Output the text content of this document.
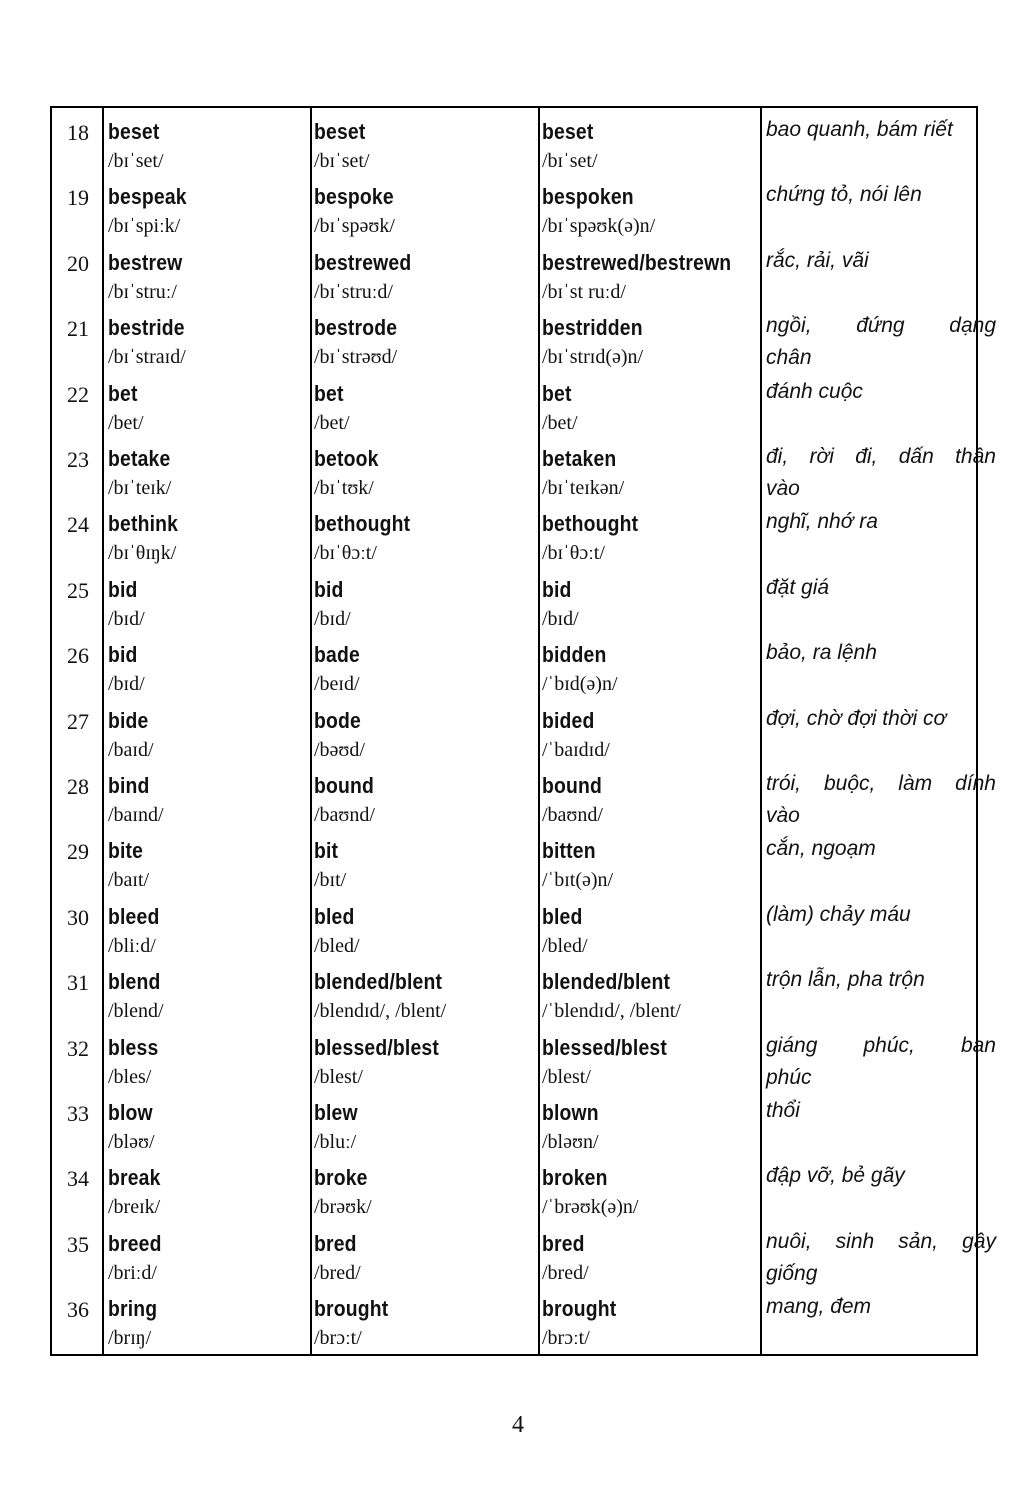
18 beset
/bɪˈset/
beset
/bɪˈset/
beset
/bɪˈset/
bao quanh, bám riết
19 bespeak
/bɪˈspiːk/
bespoke
/bɪˈspəʊk/
bespoken
/bɪˈspəʊk(ə)n/
chứng tỏ, nói lên
20 bestrew
/bɪˈstruː/
bestrewed
/bɪˈstruːd/
bestrewed/bestrewn
/bɪˈst ruːd/
rắc, rải, vãi
21 bestride
/bɪˈstraɪd/
bestrode
/bɪˈstrəʊd/
bestridden
/bɪˈstrɪd(ə)n/
ngồi, đứng dạng
chân
22 bet
/bet/
bet
/bet/
bet
/bet/
đánh cuộc
23 betake
/bɪˈteɪk/
betook
/bɪˈtʊk/
betaken
/bɪˈteɪkən/
đi, rời đi, dấn thân
vào
24 bethink
/bɪˈθɪŋk/
bethought
/bɪˈθɔːt/
bethought
/bɪˈθɔːt/
nghĩ, nhớ ra
25 bid
/bɪd/
bid
/bɪd/
bid
/bɪd/
đặt giá
26 bid
/bɪd/
bade
/beɪd/
bidden
/ˈbɪd(ə)n/
bảo, ra lệnh
27 bide
/baɪd/
bode
/bəʊd/
bided
/ˈbaɪdɪd/
đợi, chờ đợi thời cơ
28 bind
/baɪnd/
bound
/baʊnd/
bound
/baʊnd/
trói, buộc, làm dính
vào
29 bite
/baɪt/
bit
/bɪt/
bitten
/ˈbɪt(ə)n/
cắn, ngoạm
30 bleed
/bliːd/
bled
/bled/
bled
/bled/
(làm) chảy máu
31 blend
/blend/
blended/blent
/blendɪd/, /blent/
blended/blent
/ˈblendɪd/, /blent/
trộn lẫn, pha trộn
32 bless
/bles/
blessed/blest
/blest/
blessed/blest
/blest/
giáng phúc, ban
phúc
33 blow
/bləʊ/
blew
/bluː/
blown
/bləʊn/
thổi
34 break
/breɪk/
broke
/brəʊk/
broken
/ˈbrəʊk(ə)n/
đập vỡ, bẻ gãy
35 breed
/briːd/
bred
/bred/
bred
/bred/
nuôi, sinh sản, gây
giống
36 bring
/brɪŋ/
brought
/brɔːt/
brought
/brɔːt/
mang, đem
4
